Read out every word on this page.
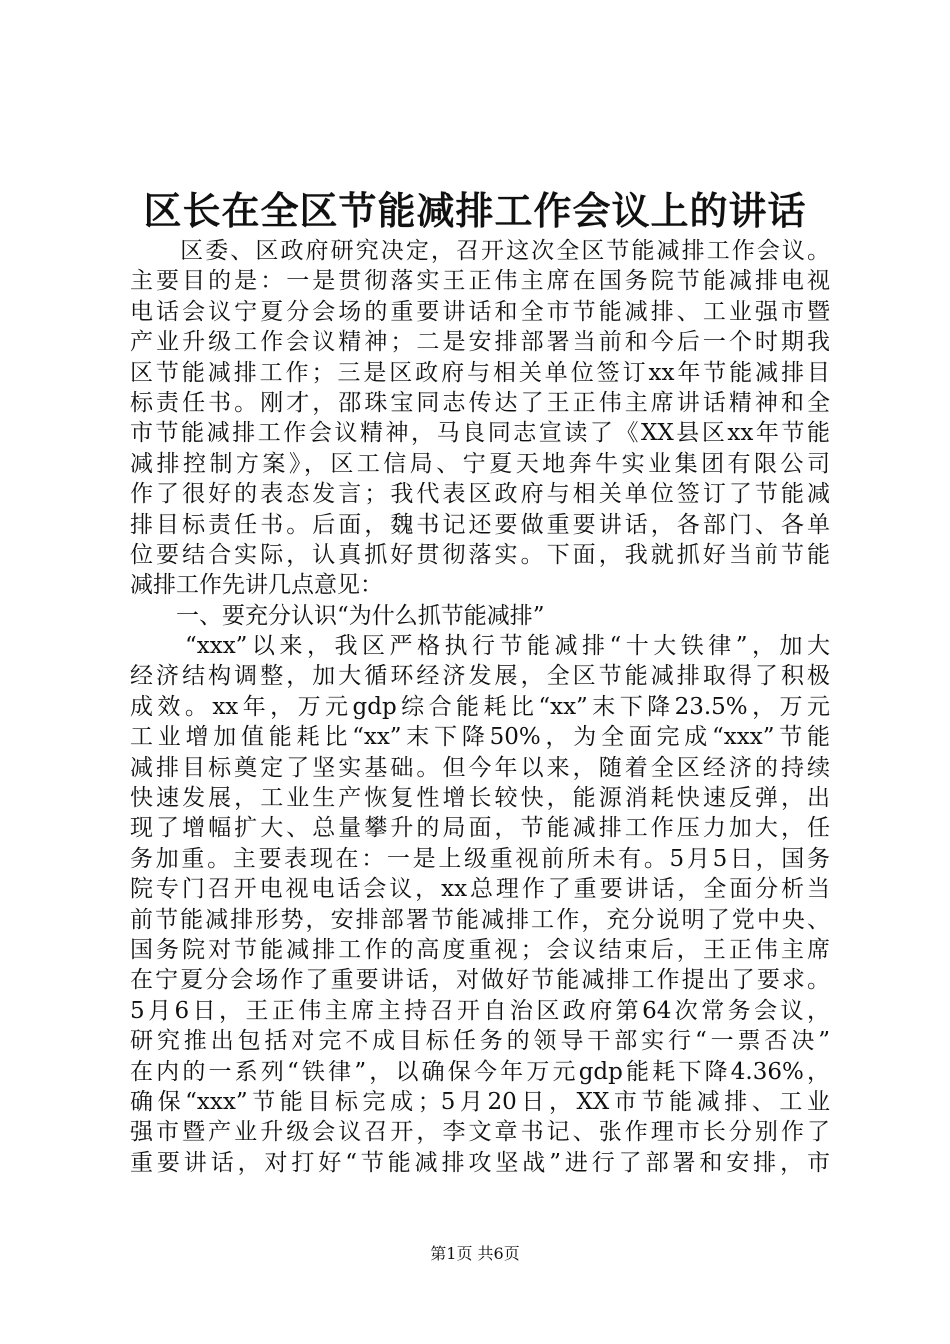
区长在全区节能减排工作会议上的讲话
　　区委、区政府研究决定，召开这次全区节能减排工作会议。
主要目的是：一是贯彻落实王正伟主席在国务院节能减排电视
电话会议宁夏分会场的重要讲话和全市节能减排、工业强市暨
产业升级工作会议精神；二是安排部署当前和今后一个时期我
区节能减排工作；三是区政府与相关单位签订xx年节能减排目
标责任书。刚才，邵珠宝同志传达了王正伟主席讲话精神和全
市节能减排工作会议精神，马良同志宣读了《XX县区xx年节能
减排控制方案》，区工信局、宁夏天地奔牛实业集团有限公司
作了很好的表态发言；我代表区政府与相关单位签订了节能减
排目标责任书。后面，魏书记还要做重要讲话，各部门、各单
位要结合实际，认真抓好贯彻落实。下面，我就抓好当前节能
减排工作先讲几点意见：
　　一、要充分认识“为什么抓节能减排”
　　“xxx”以来，我区严格执行节能减排“十大铁律”，加大
经济结构调整，加大循环经济发展，全区节能减排取得了积极
成效。xx年，万元gdp综合能耗比“xx”末下降23.5%，万元
工业增加值能耗比“xx”末下降50%，为全面完成“xxx”节能
减排目标奠定了坚实基础。但今年以来，随着全区经济的持续
快速发展，工业生产恢复性增长较快，能源消耗快速反弹，出
现了增幅扩大、总量攀升的局面，节能减排工作压力加大，任
务加重。主要表现在：一是上级重视前所未有。5月5日，国务
院专门召开电视电话会议，xx总理作了重要讲话，全面分析当
前节能减排形势，安排部署节能减排工作，充分说明了党中央、
国务院对节能减排工作的高度重视；会议结束后，王正伟主席
在宁夏分会场作了重要讲话，对做好节能减排工作提出了要求。
5月6日，王正伟主席主持召开自治区政府第64次常务会议，
研究推出包括对完不成目标任务的领导干部实行“一票否决”
在内的一系列“铁律”，以确保今年万元gdp能耗下降4.36%，
确保“xxx”节能目标完成；5月20日，XX市节能减排、工业
强市暨产业升级会议召开，李文章书记、张作理市长分别作了
重要讲话，对打好“节能减排攻坚战”进行了部署和安排，市
第1页 共6页
